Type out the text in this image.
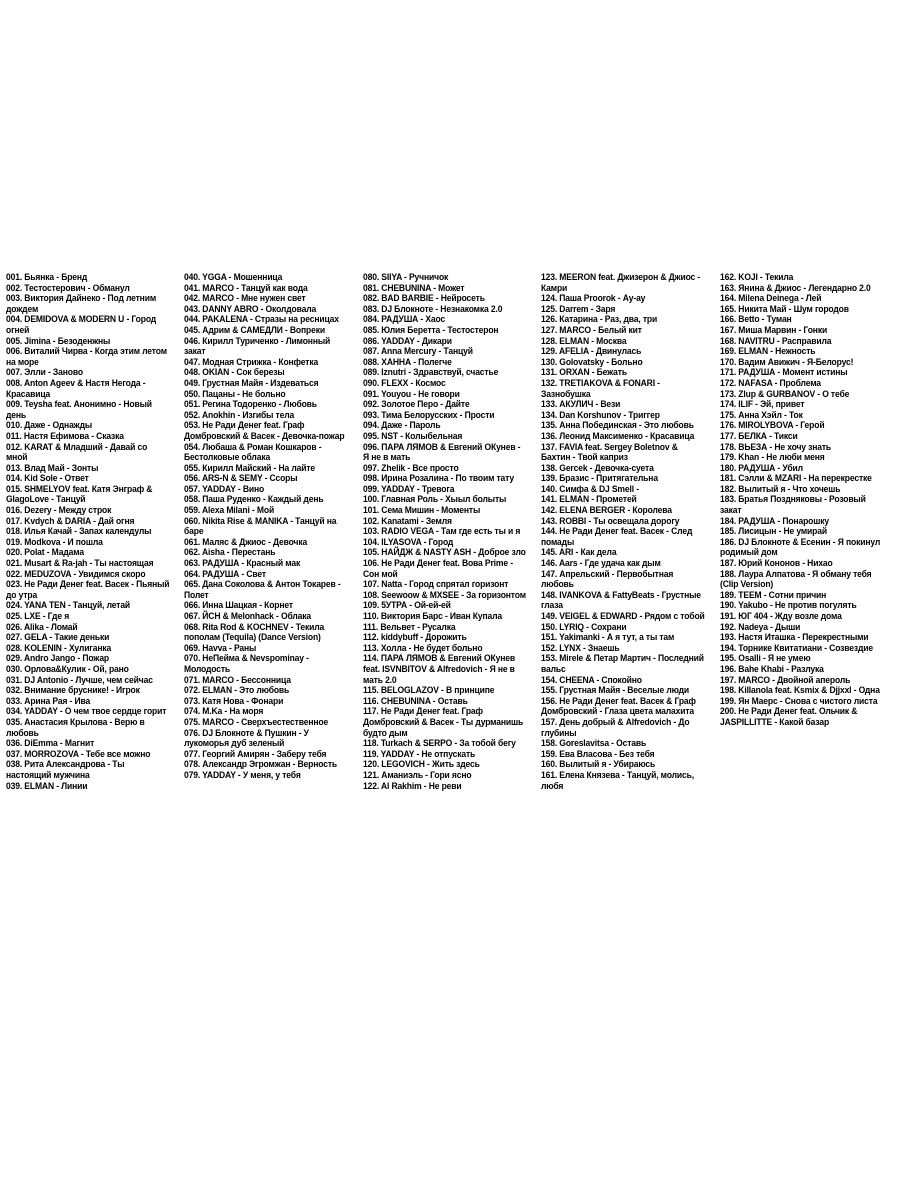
001. Бьянка - Бренд
002. Тестостерович - Обманул
003. Виктория Дайнеко - Под летним дождем
004. DEMIDOVA & MODERN U - Город огней
005. Jimina - Безоденжны
006. Виталий Чирва - Когда этим летом на море
007. Элли - Заново
008. Anton Ageev & Настя Негода - Красавица
009. Teysha feat. Анонимно - Новый день
010. Даже - Однажды
011. Настя Ефимова - Сказка
012. KARAT & Младший - Давай со мной
013. Влад Май - Зонты
014. Kid Sole - Ответ
015. SHMELYOV feat. Катя Энграф & GlagoLove - Танцуй
016. Dezery - Между строк
017. Kvdych & DARIA - Дай огня
018. Илья Качай - Запах календулы
019. Modkova - И пошла
020. Polat - Мадама
021. Musart & Ra-jah - Ты настоящая
022. MEDUZOVA - Увидимся скоро
023. Не Ради Денег feat. Васек - Пьяный до утра
024. YANA TEN - Танцуй, летай
025. LXE - Где я
026. Alika - Ломай
027. GELA - Такие деньки
028. KOLENIN - Хулиганка
029. Andro Jango - Пожар
030. Орлова&Кулик - Ой, рано
031. DJ Antonio - Лучше, чем сейчас
032. Внимание бруснике! - Игрок
033. Арина Рая - Ива
034. YADDAY - О чем твое сердце горит
035. Анастасия Крылова - Верю в любовь
036. DiEmma - Магнит
037. MORROZOVA - Тебе все можно
038. Рита Александрова - Ты настоящий мужчина
039. ELMAN - Линии
040. YGGA - Мошенница
041. MARCO - Танцуй как вода
042. MARCO - Мне нужен свет
043. DANNY ABRO - Околдовала
044. PAKALENA - Стразы на ресницах
045. Адрим & САМЕДЛИ - Вопреки
046. Кирилл Туриченко - Лимонный закат
047. Модная Стрижка - Конфетка
048. OKIAN - Сок березы
049. Грустная Майя - Издеваться
050. Пацаны - Не больно
051. Регина Тодоренко - Любовь
052. Anokhin - Изгибы тела
053. Не Ради Денег feat. Граф Домбровский & Васек - Девочка-пожар
054. Любаша & Роман Кошкаров - Бестолковые облака
055. Кирилл Майский - На лайте
056. ARS-N & SEMY - Ссоры
057. YADDAY - Вино
058. Паша Руденко - Каждый день
059. Alexa Milani - Мой
060. Nikita Rise & MANIKA - Танцуй на баре
061. Маляс & Джиос - Девочка
062. Aisha - Перестань
063. РАДУША - Красный мак
064. РАДУША - Свет
065. Дана Соколова & Антон Токарев - Полет
066. Инна Шацкая - Корнет
067. ЙСН & Melonhack - Облака
068. Rita Rod & KOCHNEV - Текила пополам (Tequila) (Dance Version)
069. Havva - Раны
070. НеПейма & Nevspominay - Молодость
071. MARCO - Бессонница
072. ELMAN - Это любовь
073. Катя Нова - Фонари
074. M.Ka - На моря
075. MARCO - Сверхъестественное
076. DJ Блокнотe & Пушкин - У лукоморья дуб зеленый
077. Георгий Амирян - Заберу тебя
078. Александр Эгромжан - Верность
079. YADDAY - У меня, у тебя
080. SIIYA - Ручничок
081. CHEBUNINA - Может
082. BAD BARBIE - Нейросеть
083. DJ Блокнотe - Незнакомка 2.0
084. РАДУША - Хаос
085. Юлия Беретта - Тестостерон
086. YADDAY - Дикари
087. Anna Mercury - Танцуй
088. ХАННА - Полегче
089. Iznutri - Здравствуй, счастье
090. FLEXX - Космос
091. Youyou - Не говори
092. Золотое Перо - Дайте
093. Тима Белорусских - Прости
094. Даже - Пароль
095. NST - Колыбельная
096. ПАРА ЛЯМОВ & Евгений ОКунев - Я не в мать
097. Zhelik - Все просто
098. Ирина Розалина - По твоим тату
099. YADDAY - Тревога
100. Главная Роль - Хыыл болыты
101. Сема Мишин - Моменты
102. Kanatami - Земля
103. RADIO VEGA - Там где есть ты и я
104. ILYASOVA - Город
105. НАЙДЖ & NASTY ASH - Доброе зло
106. Не Ради Денег feat. Вова Prime - Сон мой
107. Natta - Город спрятал горизонт
108. Seewoow & MXSEE - За горизонтом
109. 5УТРА - Ой-ей-ей
110. Виктория Барс - Иван Купала
111. Вельвет - Русалка
112. kiddybuff - Дорожить
113. Холла - Не будет больно
114. ПАРА ЛЯМОВ & Евгений ОКунев feat. ISVNBITOV & Alfredovich - Я не в мать 2.0
115. BELOGLAZOV - В принципе
116. CHEBUNINA - Оставь
117. Не Ради Денег feat. Граф Домбровский & Васек - Ты дурманишь будто дым
118. Turkach & SERPO - За тобой бегу
119. YADDAY - Не отпускать
120. LEGOVICH - Жить здесь
121. Аманиэль - Гори ясно
122. Al Rakhim - Не реви
123. MEERON feat. Джизерон & Джиос - Камри
124. Паша Proorok - Ау-ау
125. Darrem - Заря
126. Катарина - Раз, два, три
127. MARCO - Белый кит
128. ELMAN - Москва
129. AFELIA - Двинулась
130. Golovatsky - Больно
131. ORXAN - Бежать
132. TRETIAKOVA & FONARI - Зазнобушка
133. АКУЛИЧ - Вези
134. Dan Korshunov - Триггер
135. Анна Побединская - Это любовь
136. Леонид Максименко - Красавица
137. FAVIA feat. Sergey Boletnov & Бахтин - Твой каприз
138. Gercek - Девочка-суета
139. Бразис - Притягательна
140. Симфа & DJ Smell -
141. ELMAN - Прометей
142. ELENA BERGER - Королева
143. ROBBI - Ты освещала дорогу
144. Не Ради Денег feat. Васек - След помады
145. ARI - Как дела
146. Aars - Где удача как дым
147. Апрельский - Первобытная любовь
148. IVANKOVA & FattyBeats - Грустные глаза
149. VEIGEL & EDWARD - Рядом с тобой
150. LYRIQ - Сохрани
151. Yakimanki - А я тут, а ты там
152. LYNX - Знаешь
153. Mirele & Петар Мартич - Последний вальс
154. CHEENA - Спокойно
155. Грустная Майя - Веселые люди
156. Не Ради Денег feat. Васек & Граф Домбровский - Глаза цвета малахита
157. День добрый & Alfredovich - До глубины
158. Goreslavitsa - Оставь
159. Ева Власова - Без тебя
160. Вылитый я - Убираюсь
161. Елена Князева - Танцуй, молись, любя
162. KOJI - Текила
163. Янина & Джиос - Легендарно 2.0
164. Milena Deinega - Лей
165. Никита Май - Шум городов
166. Betto - Туман
167. Миша Марвин - Гонки
168. NAVITRU - Расправила
169. ELMAN - Нежность
170. Вадим Авижич - Я-Белорус!
171. РАДУША - Момент истины
172. NAFASA - Проблема
173. Zlup & GURBANOV - О тебе
174. ILIF - Эй, привет
175. Анна Хэйл - Ток
176. MIROLYBOVA - Герой
177. БЕЛКА - Тикси
178. ВЬЕЗА - Не хочу знать
179. Khan - Не люби меня
180. РАДУША - Убил
181. Сэлли & MZARI - На перекрестке
182. Вылитый я - Что хочешь
183. Братья Поздняковы - Розовый закат
184. РАДУША - Понарошку
185. Лисицын - Не умирай
186. DJ Блокнотe & Есенин - Я покинул родимый дом
187. Юрий Кононов - Нихао
188. Лаура Алпатова - Я обману тебя (Clip Version)
189. TEEM - Сотни причин
190. Yakubo - Не против погулять
191. ЮГ 404 - Жду возле дома
192. Nadeya - Дыши
193. Настя Иташка - Перекрестными
194. Торнике Квитатиани - Созвездие
195. Osalli - Я не умею
196. Bahe Khabi - Разлука
197. MARCO - Двойной апероль
198. Killanola feat. Ksmix & Djjxxl - Одна
199. Ян Маерс - Снова с чистого листа
200. Не Ради Денег feat. Ольчик & JASPILLITTE - Какой базар
